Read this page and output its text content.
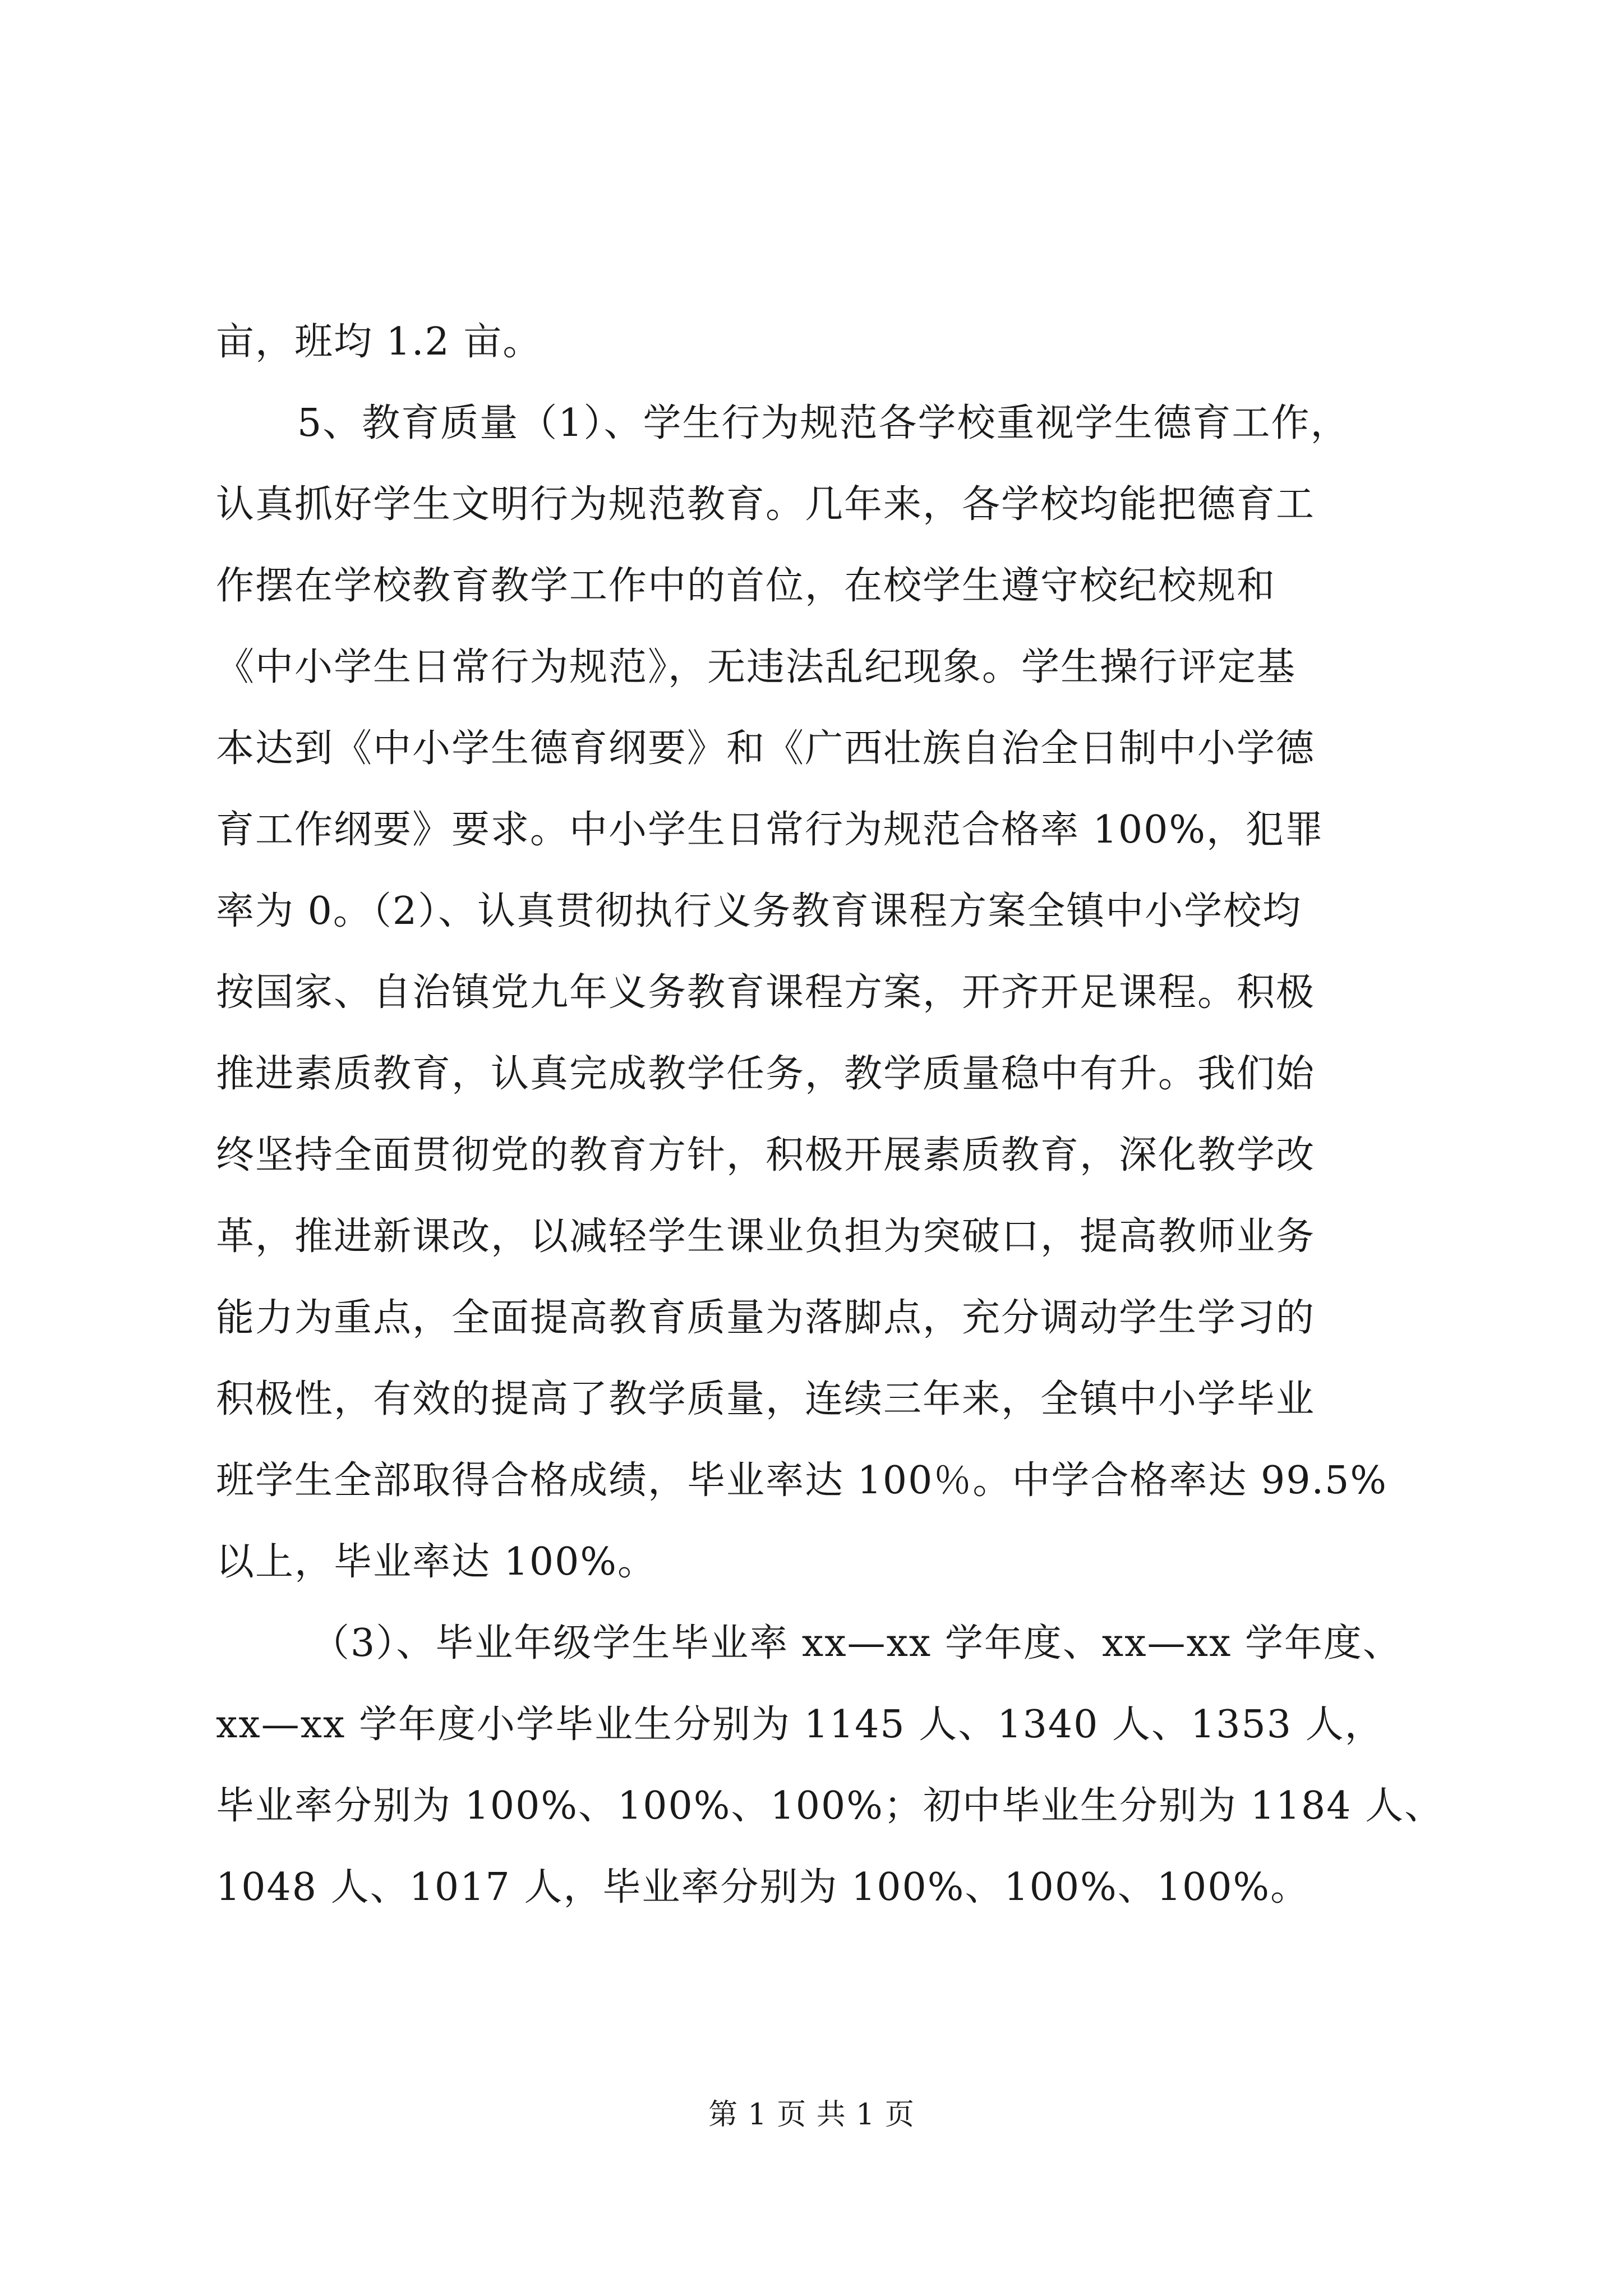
亩，班均 1.2 亩。
5、教育质量（1）、学生行为规范各学校重视学生德育工作，
认真抓好学生文明行为规范教育。几年来，各学校均能把德育工
作摆在学校教育教学工作中的首位，在校学生遵守校纪校规和
《中小学生日常行为规范》，无违法乱纪现象。学生操行评定基
本达到《中小学生德育纲要》和《广西壮族自治全日制中小学德
育工作纲要》要求。中小学生日常行为规范合格率 100%，犯罪
率为 0。（2）、认真贯彻执行义务教育课程方案全镇中小学校均
按国家、自治镇党九年义务教育课程方案，开齐开足课程。积极
推进素质教育，认真完成教学任务，教学质量稳中有升。我们始
终坚持全面贯彻党的教育方针，积极开展素质教育，深化教学改
革，推进新课改，以减轻学生课业负担为突破口，提高教师业务
能力为重点，全面提高教育质量为落脚点，充分调动学生学习的
积极性，有效的提高了教学质量，连续三年来，全镇中小学毕业
班学生全部取得合格成绩，毕业率达 100％。中学合格率达 99.5%
以上，毕业率达 100%。
（3）、毕业年级学生毕业率 xx—xx 学年度、xx—xx 学年度、
xx—xx 学年度小学毕业生分别为 1145 人、1340 人、1353 人，
毕业率分别为 100%、100%、100%；初中毕业生分别为 1184 人、
1048 人、1017 人，毕业率分别为 100%、100%、100%。
第 1 页 共 1 页
